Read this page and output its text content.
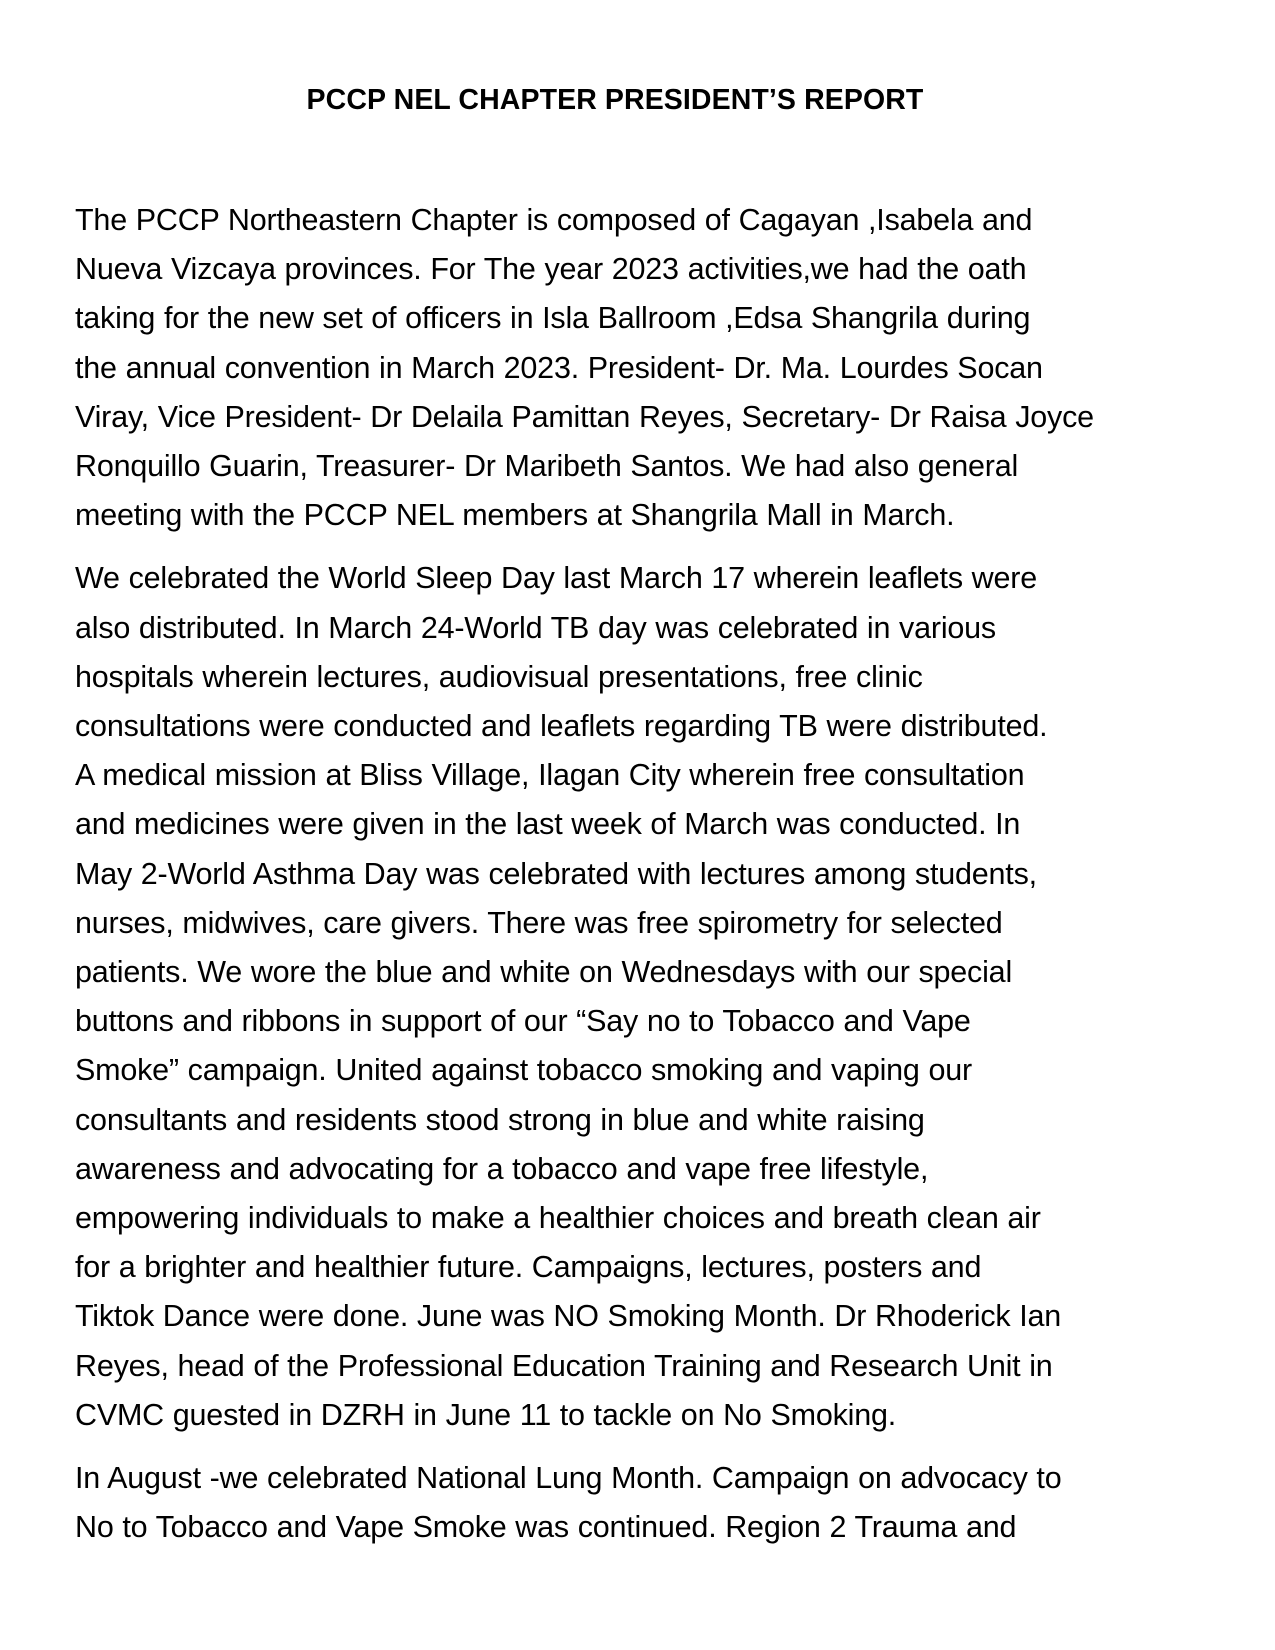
PCCP NEL CHAPTER PRESIDENT’S REPORT

The PCCP Northeastern Chapter is composed of Cagayan ,Isabela and
Nueva Vizcaya provinces. For The year 2023 activities,we had the oath
taking for the new set of officers in Isla Ballroom ,Edsa Shangrila during
the annual convention in March 2023. President- Dr. Ma. Lourdes Socan
Viray, Vice President- Dr Delaila Pamittan Reyes, Secretary- Dr Raisa Joyce
Ronquillo Guarin, Treasurer- Dr Maribeth Santos. We had also general
meeting with the PCCP NEL members at Shangrila Mall in March.

We celebrated the World Sleep Day last March 17 wherein leaflets were
also distributed. In March 24-World TB day was celebrated in various
hospitals wherein lectures, audiovisual presentations, free clinic
consultations were conducted and leaflets regarding TB were distributed.
A medical mission at Bliss Village, Ilagan City wherein free consultation
and medicines were given in the last week of March was conducted. In
May 2-World Asthma Day was celebrated with lectures among students,
nurses, midwives, care givers. There was free spirometry for selected
patients. We wore the blue and white on Wednesdays with our special
buttons and ribbons in support of our “Say no to Tobacco and Vape
Smoke” campaign. United against tobacco smoking and vaping our
consultants and residents stood strong in blue and white raising
awareness and advocating for a tobacco and vape free lifestyle,
empowering individuals to make a healthier choices and breath clean air
for a brighter and healthier future. Campaigns, lectures, posters and
Tiktok Dance were done. June was NO Smoking Month. Dr Rhoderick Ian
Reyes, head of the Professional Education Training and Research Unit in
CVMC guested in DZRH in June 11 to tackle on No Smoking.

In August -we celebrated National Lung Month. Campaign on advocacy to
No to Tobacco and Vape Smoke was continued. Region 2 Trauma and
